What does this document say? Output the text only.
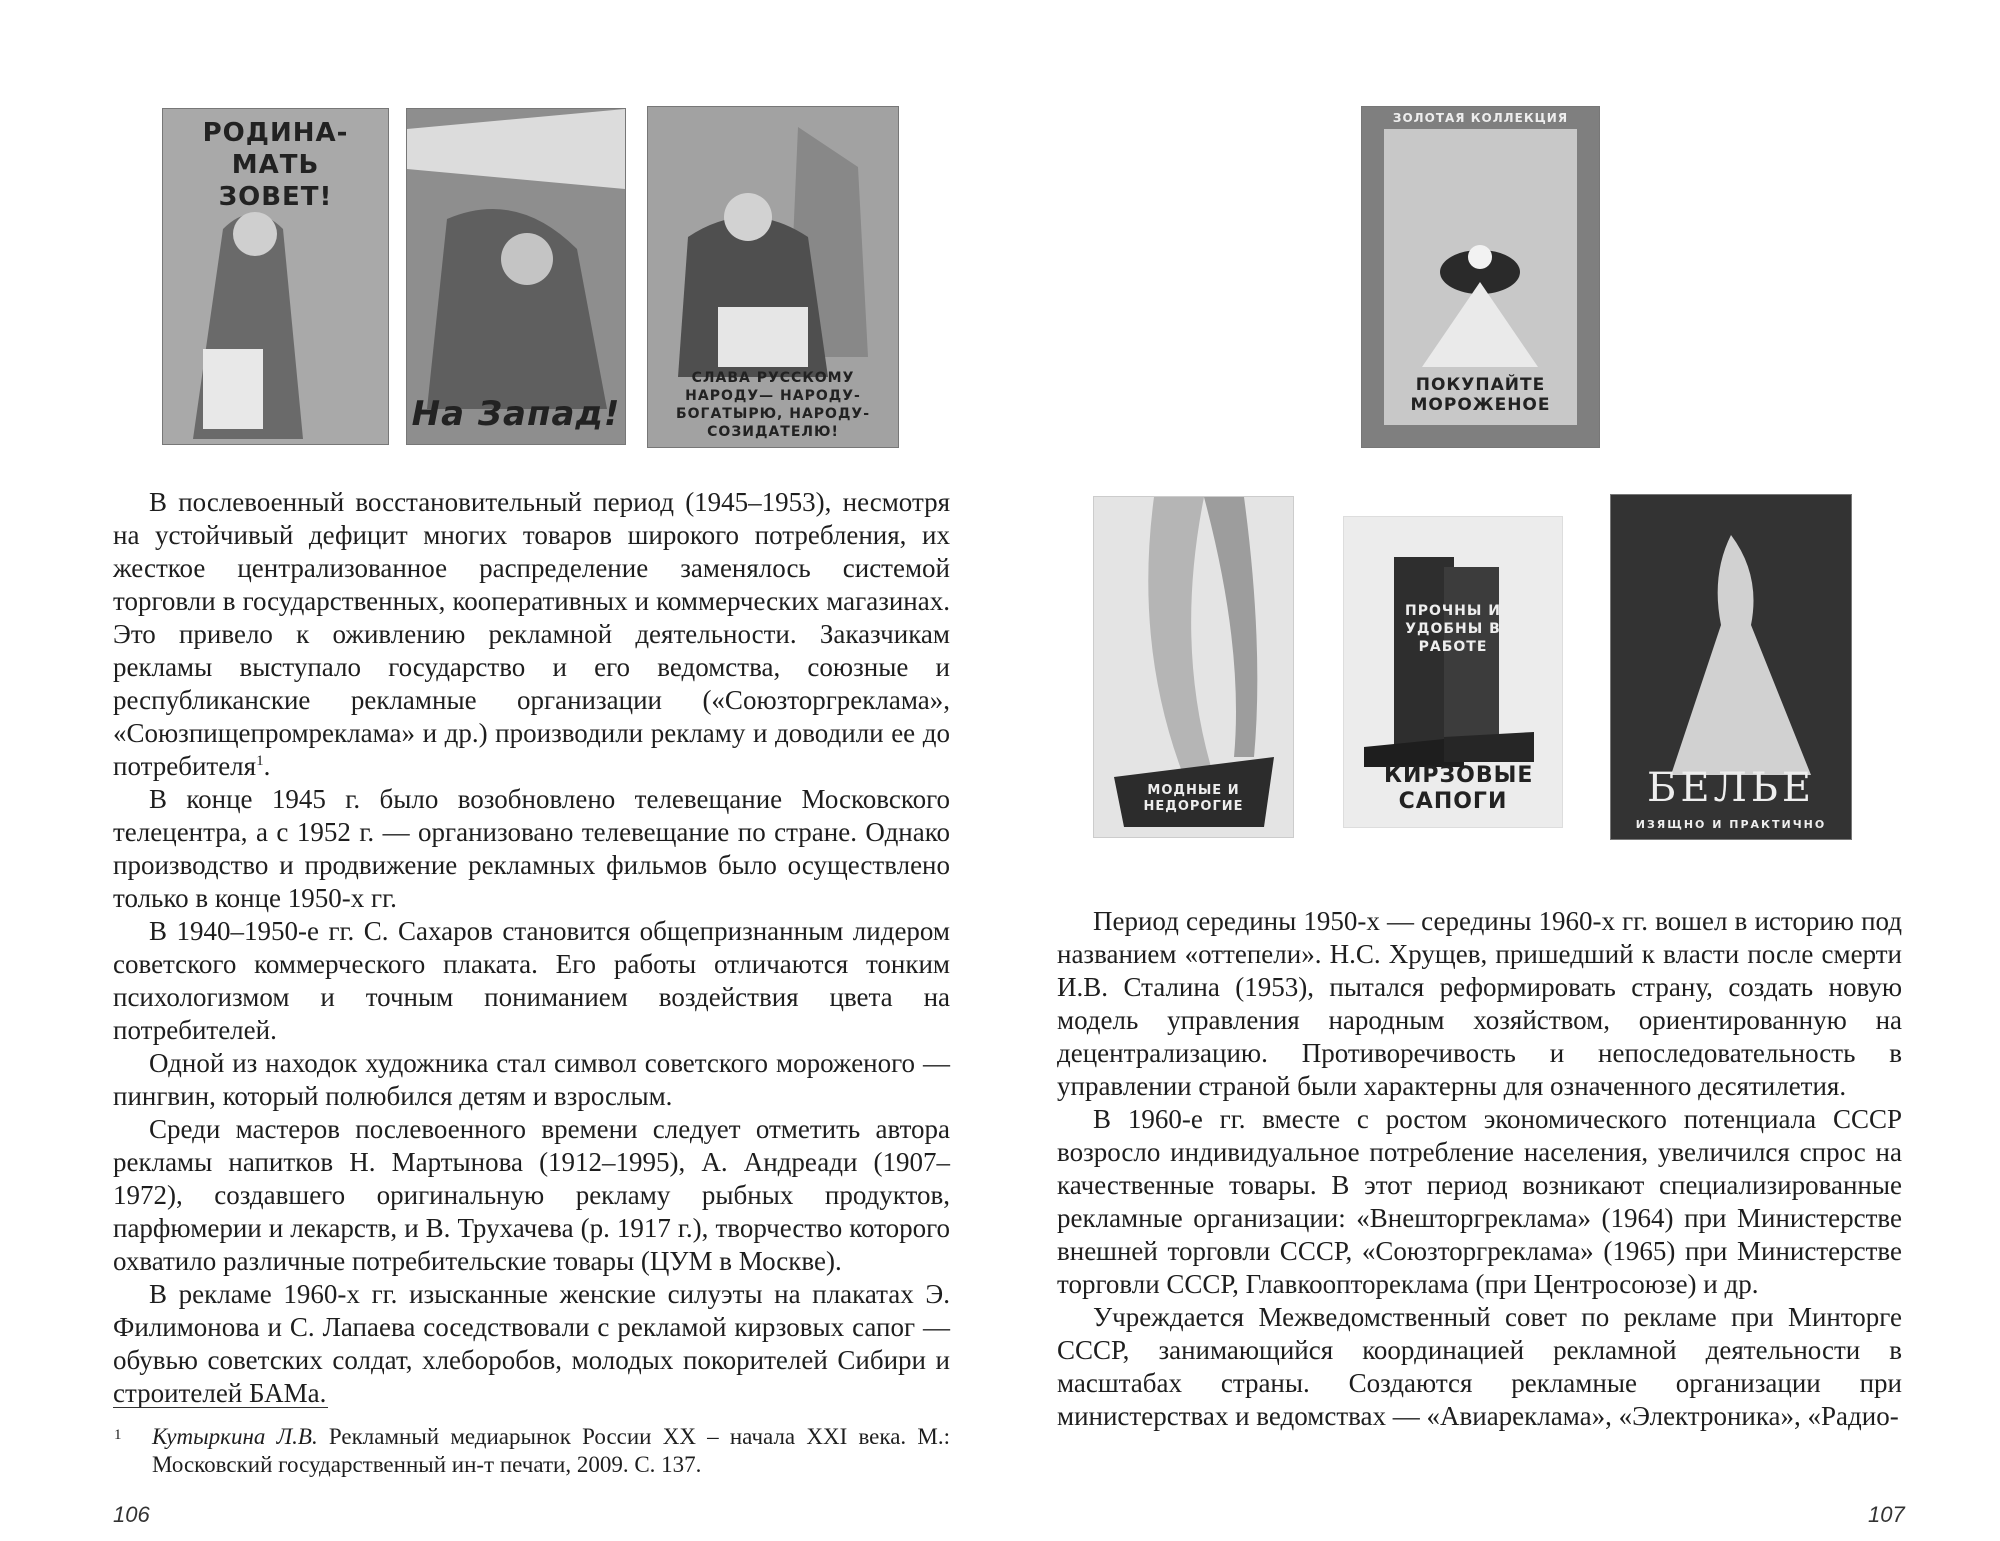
РОДИНА-МАТЬ ЗОВЕТ!
На Запад!
СЛАВА РУССКОМУ НАРОДУ— НАРОДУ-БОГАТЫРЮ, НАРОДУ-СОЗИДАТЕЛЮ!

В послевоенный восстановительный период (1945–1953), несмотря на устойчивый дефицит многих товаров широкого потребления, их жесткое централизованное распределение заменялось системой торговли в государственных, кооперативных и коммерческих магазинах. Это привело к оживлению рекламной деятельности. Заказчикам рекламы выступало государство и его ведомства, союзные и республиканские рекламные организации («Союзторгреклама», «Союзпищепромреклама» и др.) производили рекламу и доводили ее до потребителя$^1$.

В конце 1945 г. было возобновлено телевещание Московского телецентра, а с 1952 г. — организовано телевещание по стране. Однако производство и продвижение рекламных фильмов было осуществлено только в конце 1950-х гг.

В 1940–1950-е гг. С. Сахаров становится общепризнанным лидером советского коммерческого плаката. Его работы отличаются тонким психологизмом и точным пониманием воздействия цвета на потребителей.

Одной из находок художника стал символ советского мороженого — пингвин, который полюбился детям и взрослым.

Среди мастеров послевоенного времени следует отметить автора рекламы напитков Н. Мартынова (1912–1995), А. Андреади (1907–1972), создавшего оригинальную рекламу рыбных продуктов, парфюмерии и лекарств, и В. Трухачева (р. 1917 г.), творчество которого охватило различные потребительские товары (ЦУМ в Москве).

В рекламе 1960-х гг. изысканные женские силуэты на плакатах Э. Филимонова и С. Лапаева соседствовали с рекламой кирзовых сапог — обувью советских солдат, хлеборобов, молодых покорителей Сибири и строителей БАМа.

1 Кутыркина Л.В. Рекламный медиарынок России XX – начала XXI века. М.: Московский государственный ин-т печати, 2009. С. 137.
106
ЗОЛОТАЯ КОЛЛЕКЦИЯ
ПОКУПАЙТЕ МОРОЖЕНОЕ
МОДНЫЕ И НЕДОРОГИЕ
ПРОЧНЫ И УДОБНЫ В РАБОТЕ
КИРЗОВЫЕ САПОГИ	БЕЛЬЕ
ИЗЯЩНО И ПРАКТИЧНО

Период середины 1950-х — середины 1960-х гг. вошел в историю под названием «оттепели». Н.С. Хрущев, пришедший к власти после смерти И.В. Сталина (1953), пытался реформировать страну, создать новую модель управления народным хозяйством, ориентированную на децентрализацию. Противоречивость и непоследовательность в управлении страной были характерны для означенного десятилетия.

В 1960-е гг. вместе с ростом экономического потенциала СССР возросло индивидуальное потребление населения, увеличился спрос на качественные товары. В этот период возникают специализированные рекламные организации: «Внешторгреклама» (1964) при Министерстве внешней торговли СССР, «Союзторгреклама» (1965) при Министерстве торговли СССР, Главкоопторекламa (при Центросоюзе) и др.

Учреждается Межведомственный совет по рекламе при Минторге СССР, занимающийся координацией рекламной деятельности в масштабах страны. Создаются рекламные организации при министерствах и ведомствах — «Авиареклама», «Электроника», «Радио-

107
